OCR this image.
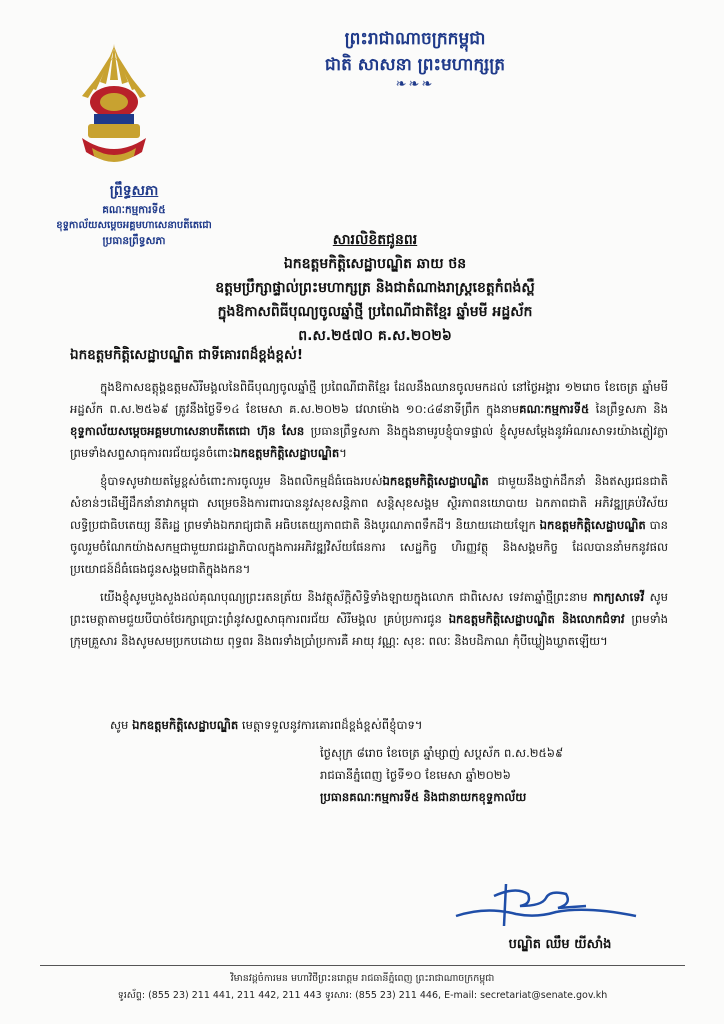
ព្រះរាជាណាចក្រកម្ពុជា
ជាតិ សាសនា ព្រះមហាក្សត្រ
❧❧❧
ព្រឹទ្ធសភា
គណៈកម្មការទី៥
ខុទ្ទកាល័យសម្តេចអគ្គមហាសេនាបតីតេជោ
ប្រធានព្រឹទ្ធសភា	សារលិខិតជូនពរ
ឯកឧត្តមកិត្តិសេដ្ឋាបណ្ឌិត ឆាយ ថន
ឧត្តមប្រឹក្សាផ្ទាល់ព្រះមហាក្សត្រ និងជាតំណាងរាស្ត្រខេត្តកំពង់ស្ពឺ
ក្នុងឱកាសពិធីបុណ្យចូលឆ្នាំថ្មី ប្រពៃណីជាតិខ្មែរ ឆ្នាំមមី អដ្ឋស័ក
ព.ស.២៥៧០ គ.ស.២០២៦
ឯកឧត្តមកិត្តិសេដ្ឋាបណ្ឌិត ជាទីគោរពដ៏ខ្ពង់ខ្ពស់!

ក្នុងឱកាសឧត្តុង្គឧត្តមសិរីមង្គលនៃពិធីបុណ្យចូលឆ្នាំថ្មី ប្រពៃណីជាតិខ្មែរ ដែលនឹងឈានចូលមកដល់ នៅថ្ងៃអង្គារ ១២រោច ខែចេត្រ ឆ្នាំមមី អដ្ឋស័ក ព.ស.២៥៦៩ ត្រូវនឹងថ្ងៃទី១៤ ខែមេសា គ.ស.២០២៦ វេលាម៉ោង ១០:៤៨នាទីព្រឹក ក្នុងនាមគណៈកម្មការទី៥ នៃព្រឹទ្ធសភា និងខុទ្ទកាល័យសម្តេចអគ្គមហាសេនាបតីតេជោ ហ៊ុន សែន ប្រធានព្រឹទ្ធសភា និងក្នុងនាមរូបខ្ញុំបាទផ្ទាល់ ខ្ញុំសូមសម្តែងនូវអំណរសាទរយ៉ាងភ្លៀវភ្លា ព្រមទាំងសព្ទសាធុការពរជ័យជូនចំពោះឯកឧត្តមកិត្តិសេដ្ឋាបណ្ឌិត។

ខ្ញុំបាទសូមវាយតម្លៃខ្ពស់ចំពោះការចូលរួម និងពលិកម្មដ៏ធំធេងរបស់ឯកឧត្តមកិត្តិសេដ្ឋាបណ្ឌិត ជាមួយនឹងថ្នាក់ដឹកនាំ និងឥស្សរជនជាតិសំខាន់ៗដើម្បីដឹកនាំនាវាកម្ពុជា សម្រេចនិងការពារបាននូវសុខសន្តិភាព សន្តិសុខសង្គម ស្ថិរភាពនយោបាយ ឯកភាពជាតិ អភិវឌ្ឍគ្រប់វិស័យ លទ្ធិប្រជាធិបតេយ្យ នីតិរដ្ឋ ព្រមទាំងឯករាជ្យជាតិ អធិបតេយ្យភាពជាតិ និងបូរណភាពទឹកដី។ និយាយដោយឡែក ឯកឧត្តមកិត្តិសេដ្ឋាបណ្ឌិត បានចូលរួមចំណែកយ៉ាងសកម្មជាមួយរាជរដ្ឋាភិបាលក្នុងការអភិវឌ្ឍវិស័យផែនការ សេដ្ឋកិច្ច ហិរញ្ញវត្ថុ និងសង្គមកិច្ច ដែលបាននាំមកនូវផលប្រយោជន៍ដ៏ធំធេងជូនសង្គមជាតិក្នុងងកន។

យើងខ្ញុំសូមបួងសួងដល់គុណបុណ្យព្រះរតនត្រ័យ និងវត្ថុស័ក្តិសិទ្ធិទាំងឡាយក្នុងលោក ជាពិសេស ទេវតាឆ្នាំថ្មីព្រះនាម កាក្យសាទេវី សូមព្រះមេត្តាតាមជួយបីបាច់ថែរក្សាប្រោះព្រំនូវសព្ទសាធុការពរជ័យ សិរីមង្គល គ្រប់ប្រការជូន ឯកឧត្តមកិត្តិសេដ្ឋាបណ្ឌិត និងលោកជំទាវ ព្រមទាំងក្រុមគ្រួសារ និងសូមសមប្រកបដោយ ពុទ្ធពរ និងពរទាំងប្រាំប្រការគឺ អាយុ វណ្ណៈ សុខៈ ពលៈ និងបដិភាណ កុំបីឃ្លៀងឃ្លាតឡើយ។

សូម ឯកឧត្តមកិត្តិសេដ្ឋាបណ្ឌិត មេត្តាទទួលនូវការគោរពដ៏ខ្ពង់ខ្ពស់ពីខ្ញុំបាទ។
ថ្ងៃសុក្រ ៨រោច ខែចេត្រ ឆ្នាំម្សាញ់ សប្តស័ក ព.ស.២៥៦៩
រាជធានីភ្នំពេញ ថ្ងៃទី១០ ខែមេសា ឆ្នាំ២០២៦
ប្រធានគណៈកម្មការទី៥ និងជានាយកខុទ្ទកាល័យ
បណ្ឌិត ឈឹម យីសាំង
វិមានវដ្ដចំការមន មហាវិថីព្រះនរោត្តម រាជធានីភ្នំពេញ ព្រះរាជាណាចក្រកម្ពុជា
ទូរស័ព្ទ: (855 23) 211 441, 211 442, 211 443 ទូរសារ: (855 23) 211 446, E-mail: secretariat@senate.gov.kh
